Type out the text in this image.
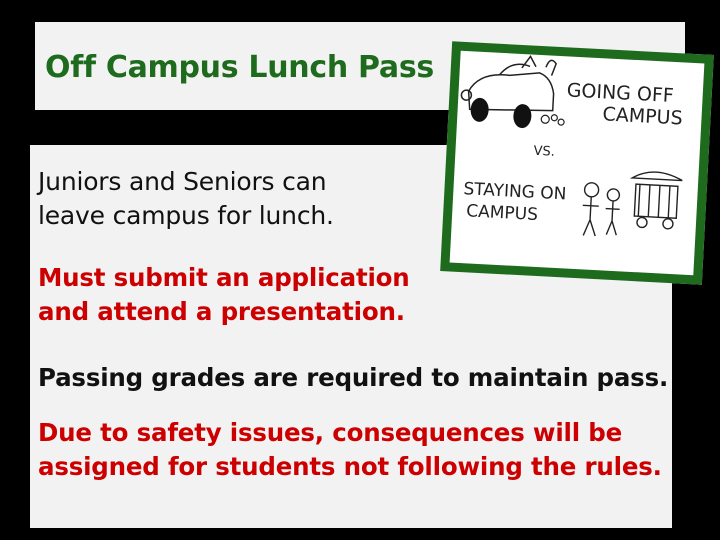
Off Campus Lunch Pass

Juniors and Seniors can leave campus for lunch.

Must submit an application and attend a presentation.

Passing grades are required to maintain pass.

Due to safety issues, consequences will be assigned for students not following the rules.

GOING OFF
CAMPUS
VS.
STAYING ON
CAMPUS
